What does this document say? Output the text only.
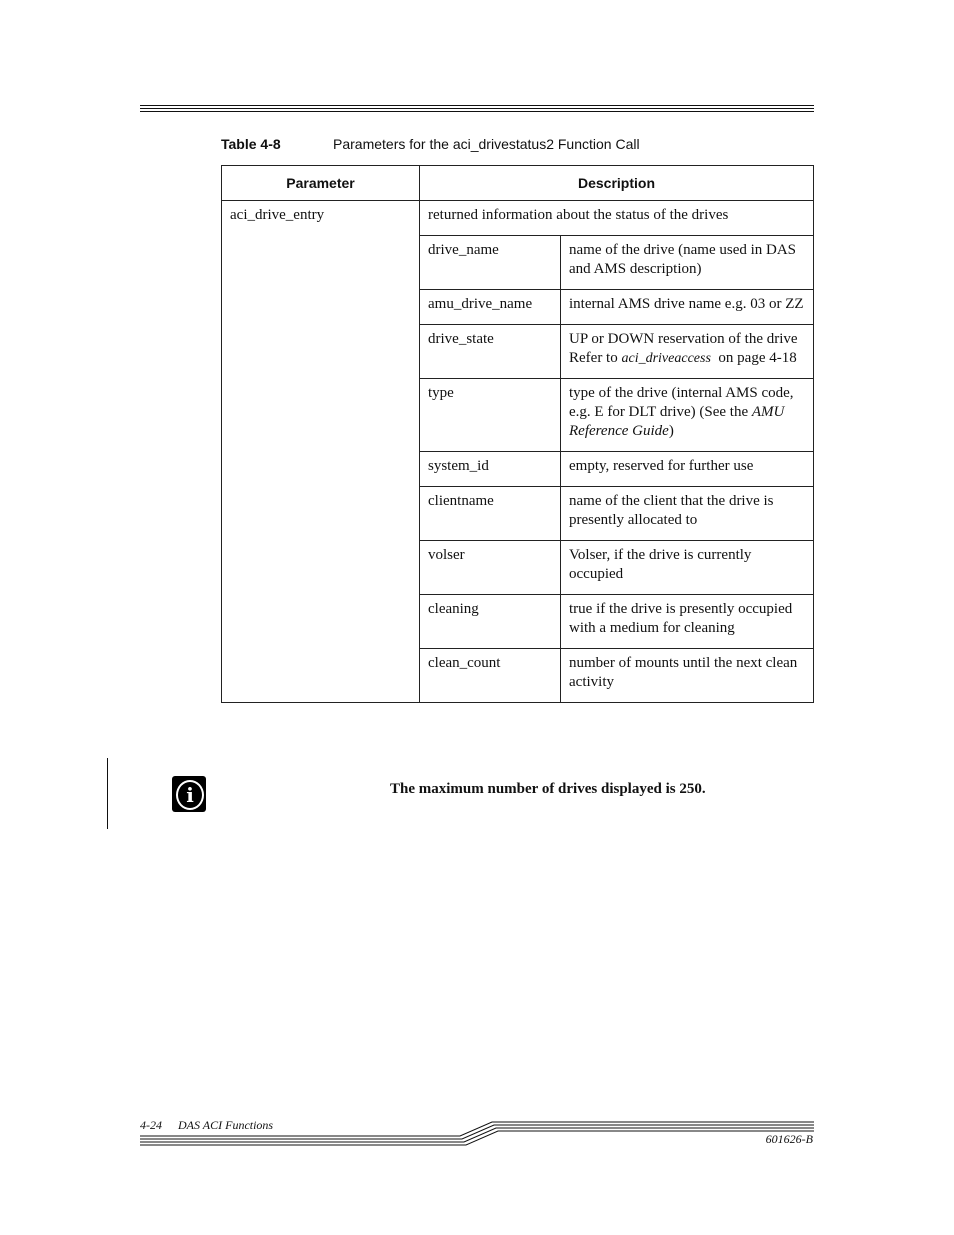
Table 4-8	Parameters for the aci_drivestatus2 Function Call
Parameter	Description	
aci_drive_entry	returned information about the status of the drives	
	drive_name	name of the drive (name used in DAS and AMS description)
	amu_drive_name	internal AMS drive name e.g. 03 or ZZ
	drive_state	UP or DOWN reservation of the drive
Refer to aci_driveaccess  on page 4-18
	type	type of the drive (internal AMS code, e.g. E for DLT drive) (See the AMU Reference Guide)
	system_id	empty, reserved for further use
	clientname	name of the client that the drive is presently allocated to
	volser	Volser, if the drive is currently occupied
	cleaning	true if the drive is presently occupied with a medium for cleaning
	clean_count	number of mounts until the next clean activity
i	The maximum number of drives displayed is 250.
4-24 DAS ACI Functions
601626-B
